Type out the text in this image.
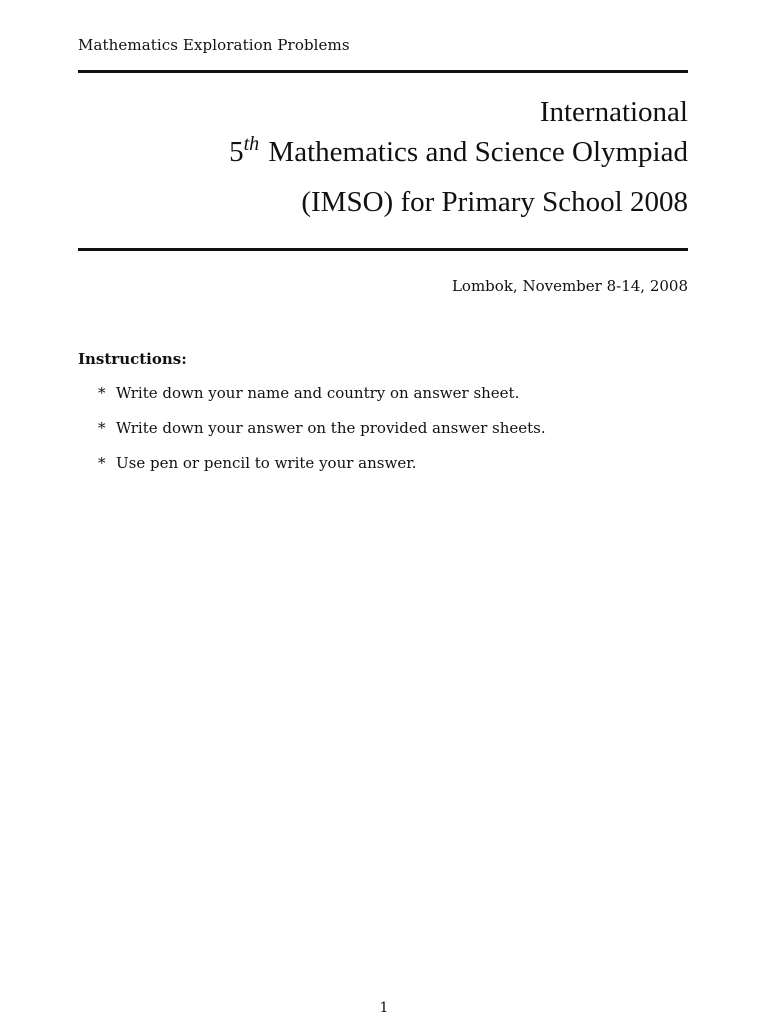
Mathematics Exploration Problems
International
5th Mathematics and Science Olympiad
(IMSO) for Primary School 2008
Lombok, November 8-14, 2008
Instructions:
* Write down your name and country on answer sheet.
* Write down your answer on the provided answer sheets.
* Use pen or pencil to write your answer.
1
